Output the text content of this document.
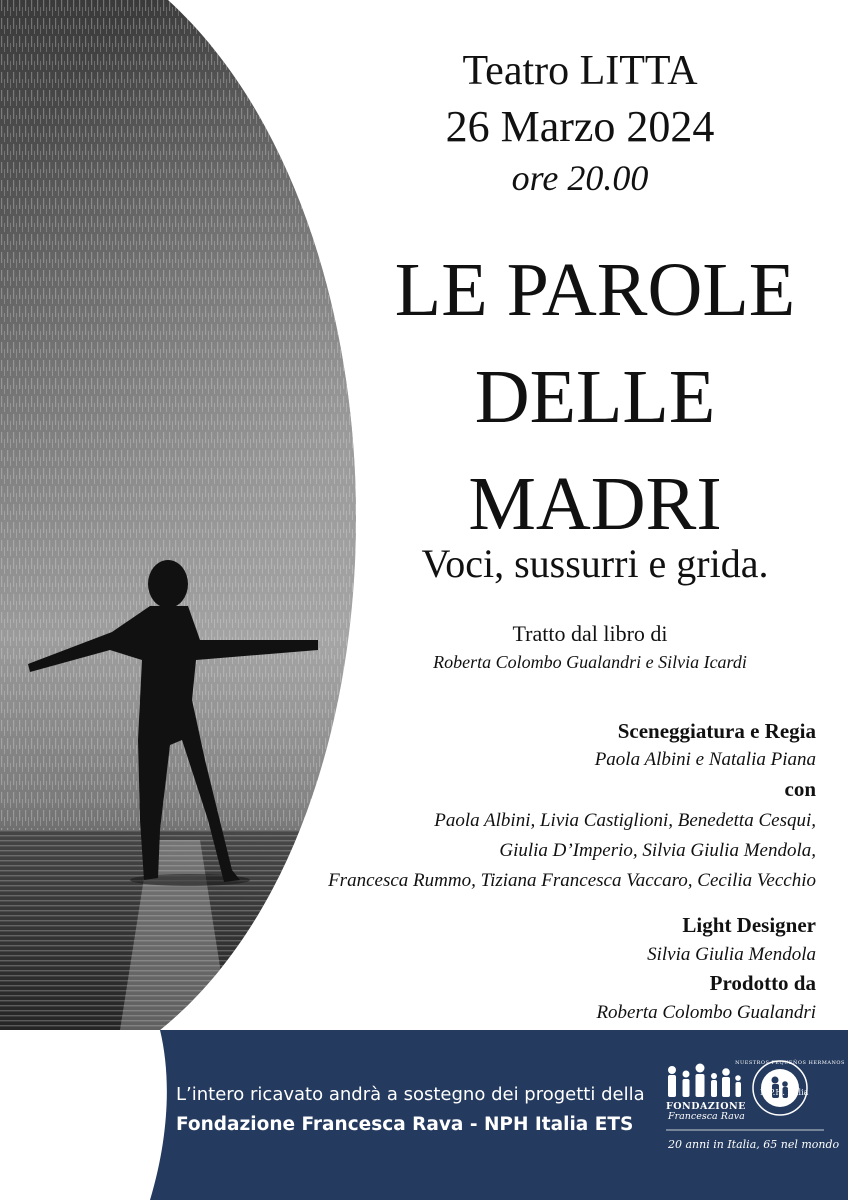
Teatro LITTA

26 Marzo 2024

ore 20.00

LE PAROLE

DELLE

MADRI

Voci, sussurri e grida.

Tratto dal libro di

Roberta Colombo Gualandri e Silvia Icardi

Sceneggiatura e Regia

Paola Albini e Natalia Piana

con

Paola Albini, Livia Castiglioni, Benedetta Cesqui,
Giulia D’Imperio, Silvia Giulia Mendola,
Francesca Rummo, Tiziana Francesca Vaccaro, Cecilia Vecchio

Light Designer

Silvia Giulia Mendola

Prodotto da

Roberta Colombo Gualandri

L’intero ricavato andrà a sostegno dei progetti della

Fondazione Francesca Rava - NPH Italia ETS

FONDAZIONE

Francesca Rava

N.P.H. Italia

NUESTROS PEQUEÑOS HERMANOS

20 anni in Italia, 65 nel mondo
